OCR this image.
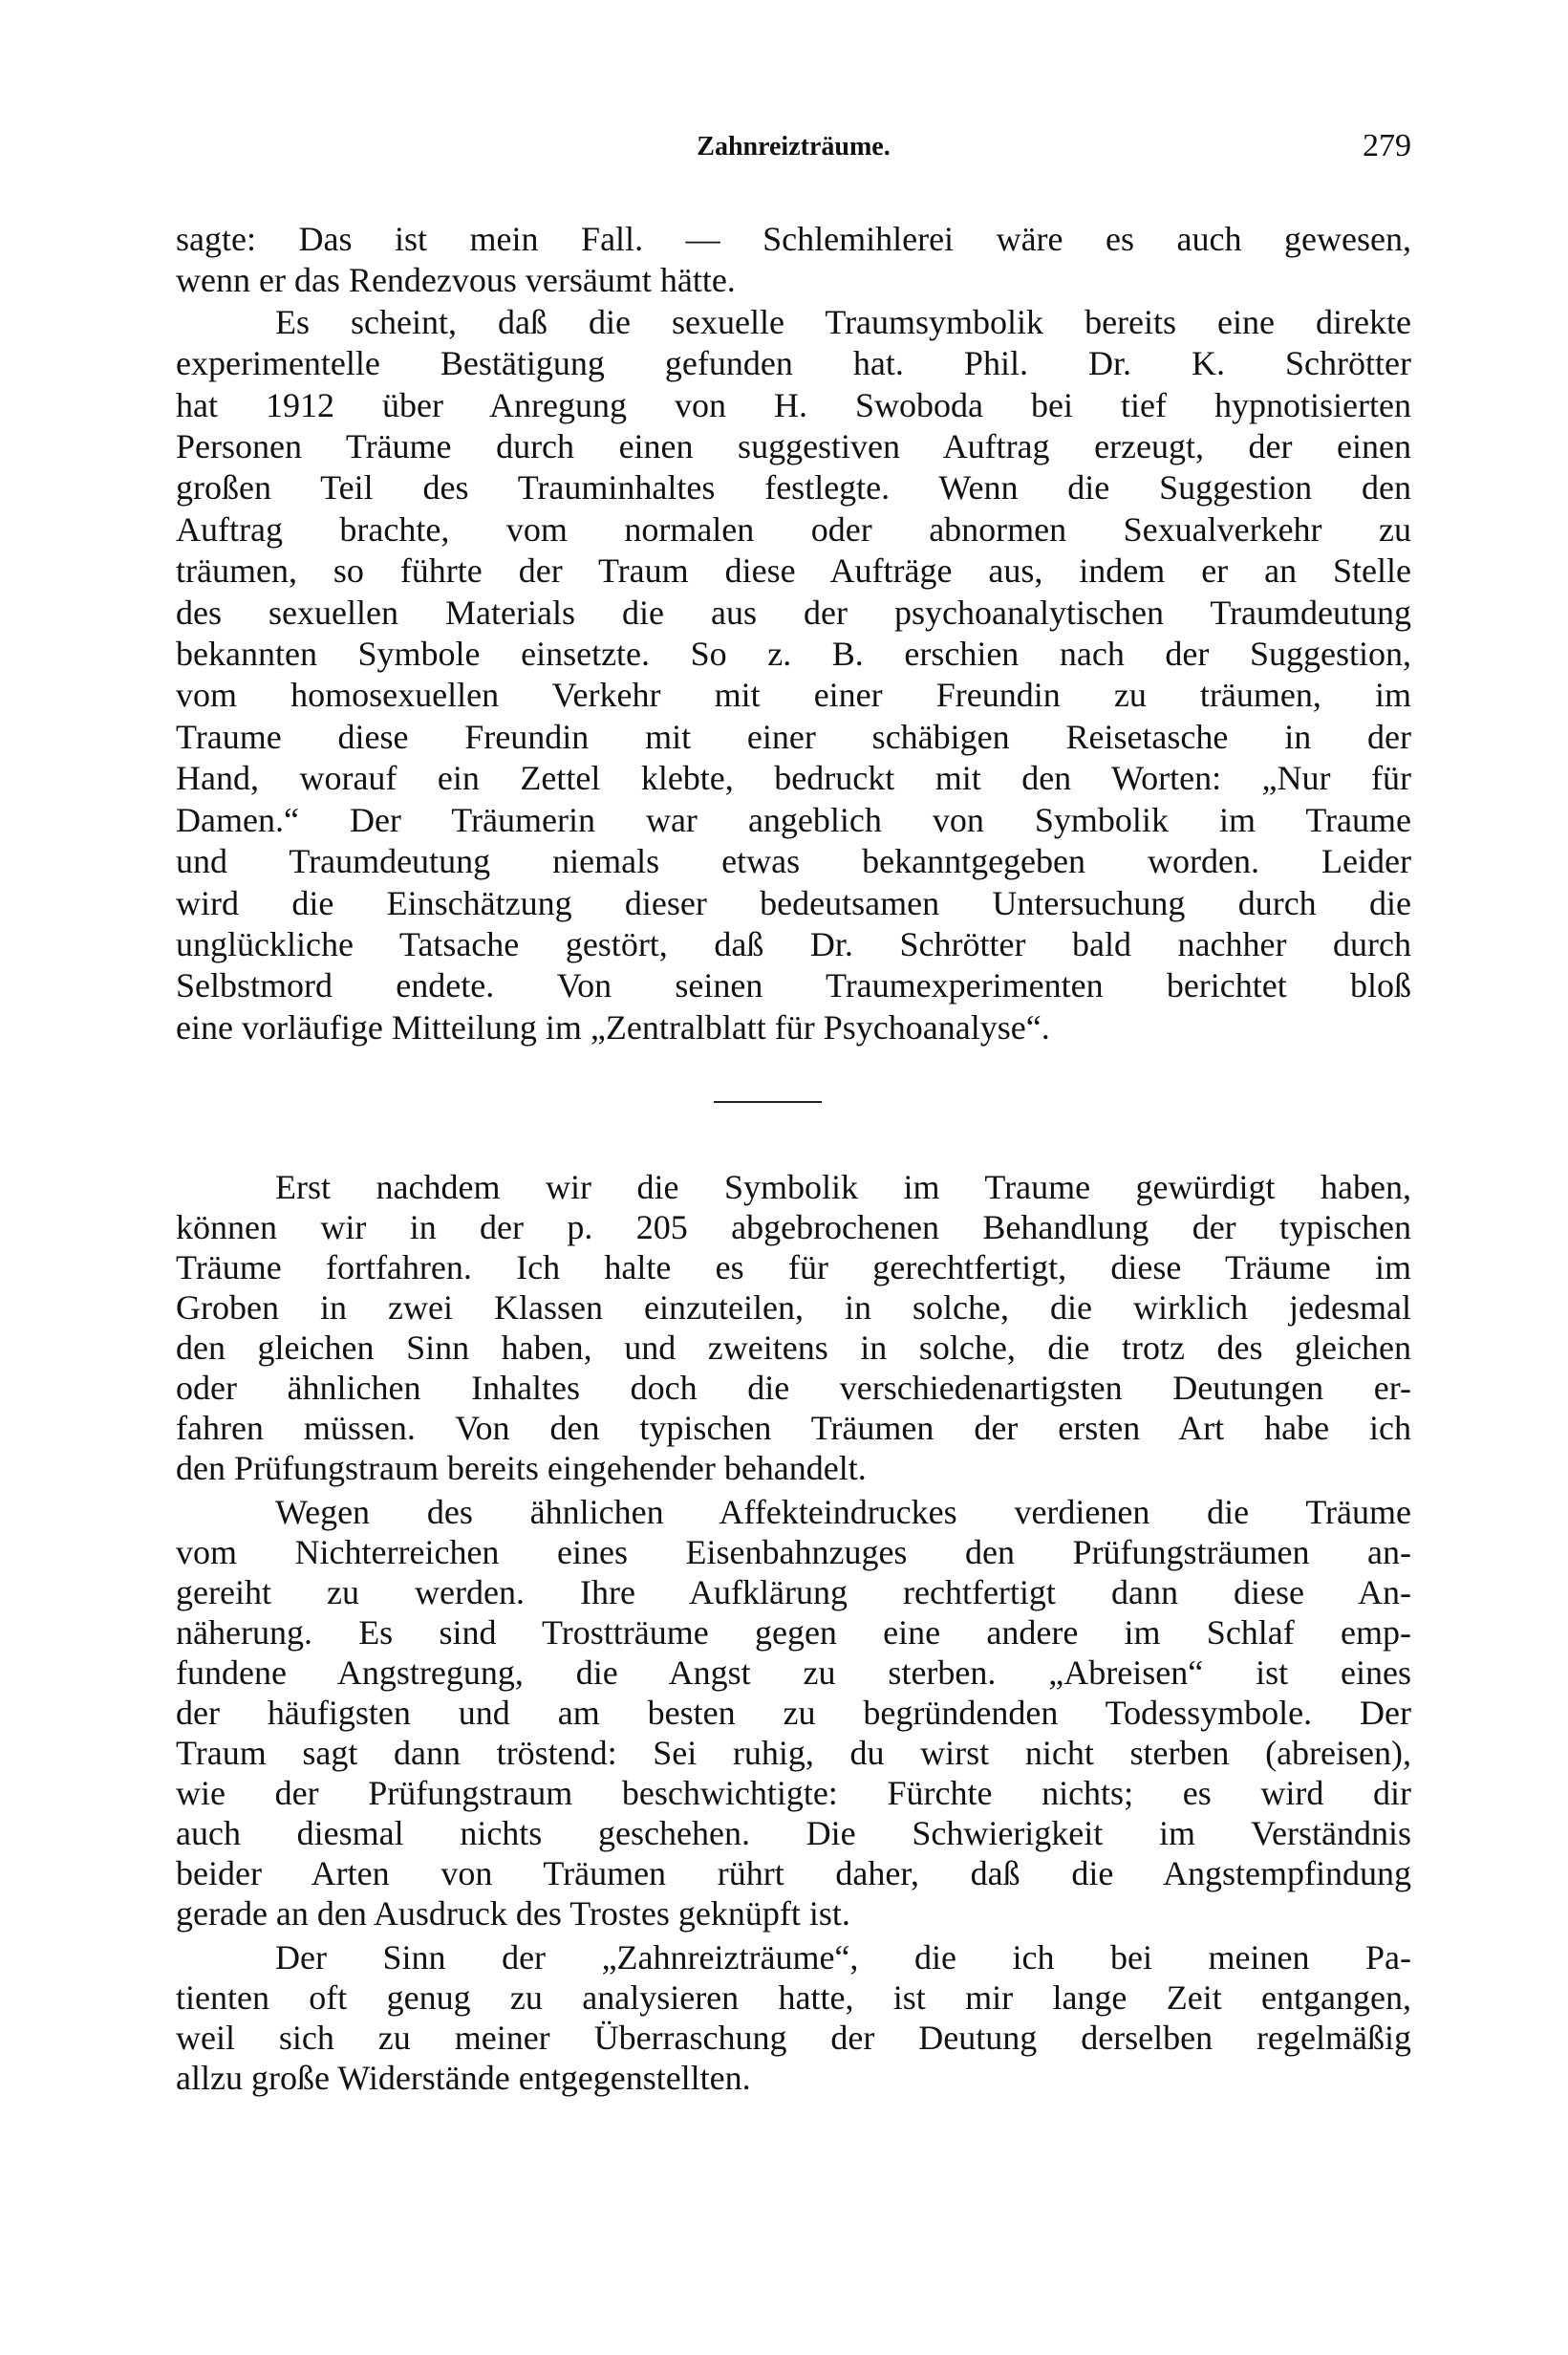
Zahnreizträume.	279
sagte: Das ist mein Fall. — Schlemihlerei wäre es auch gewesen,
wenn er das Rendezvous versäumt hätte.
Es scheint, daß die sexuelle Traumsymbolik bereits eine direkte
experimentelle Bestätigung gefunden hat. Phil. Dr. K. Schrötter
hat 1912 über Anregung von H. Swoboda bei tief hypnotisierten
Personen Träume durch einen suggestiven Auftrag erzeugt, der einen
großen Teil des Trauminhaltes festlegte. Wenn die Suggestion den
Auftrag brachte, vom normalen oder abnormen Sexualverkehr zu
träumen, so führte der Traum diese Aufträge aus, indem er an Stelle
des sexuellen Materials die aus der psychoanalytischen Traumdeutung
bekannten Symbole einsetzte. So z. B. erschien nach der Suggestion,
vom homosexuellen Verkehr mit einer Freundin zu träumen, im
Traume diese Freundin mit einer schäbigen Reisetasche in der
Hand, worauf ein Zettel klebte, bedruckt mit den Worten: „Nur für
Damen.“ Der Träumerin war angeblich von Symbolik im Traume
und Traumdeutung niemals etwas bekanntgegeben worden. Leider
wird die Einschätzung dieser bedeutsamen Untersuchung durch die
unglückliche Tatsache gestört, daß Dr. Schrötter bald nachher durch
Selbstmord endete. Von seinen Traumexperimenten berichtet bloß
eine vorläufige Mitteilung im „Zentralblatt für Psychoanalyse“.
Erst nachdem wir die Symbolik im Traume gewürdigt haben,
können wir in der p. 205 abgebrochenen Behandlung der typischen
Träume fortfahren. Ich halte es für gerechtfertigt, diese Träume im
Groben in zwei Klassen einzuteilen, in solche, die wirklich jedesmal
den gleichen Sinn haben, und zweitens in solche, die trotz des gleichen
oder ähnlichen Inhaltes doch die verschiedenartigsten Deutungen er-
fahren müssen. Von den typischen Träumen der ersten Art habe ich
den Prüfungstraum bereits eingehender behandelt.
Wegen des ähnlichen Affekteindruckes verdienen die Träume
vom Nichterreichen eines Eisenbahnzuges den Prüfungsträumen an-
gereiht zu werden. Ihre Aufklärung rechtfertigt dann diese An-
näherung. Es sind Trostträume gegen eine andere im Schlaf emp-
fundene Angstregung, die Angst zu sterben. „Abreisen“ ist eines
der häufigsten und am besten zu begründenden Todessymbole. Der
Traum sagt dann tröstend: Sei ruhig, du wirst nicht sterben (abreisen),
wie der Prüfungstraum beschwichtigte: Fürchte nichts; es wird dir
auch diesmal nichts geschehen. Die Schwierigkeit im Verständnis
beider Arten von Träumen rührt daher, daß die Angstempfindung
gerade an den Ausdruck des Trostes geknüpft ist.
Der Sinn der „Zahnreizträume“, die ich bei meinen Pa-
tienten oft genug zu analysieren hatte, ist mir lange Zeit entgangen,
weil sich zu meiner Überraschung der Deutung derselben regelmäßig
allzu große Widerstände entgegenstellten.
